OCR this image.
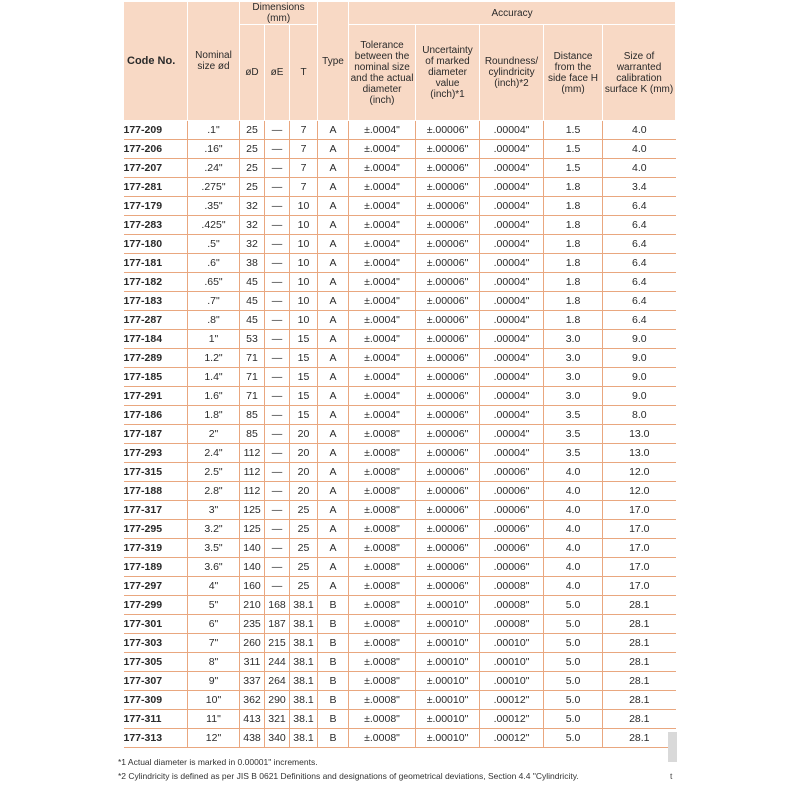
Code No.	Nominal size ød	Dimensions (mm)			Type	Accuracy				
		øD	øE	T		Tolerance between the nominal size and the actual diameter (inch)	Uncertainty of marked diameter value (inch)*1	Roundness/ cylindricity (inch)*2	Distance from the side face H (mm)	Size of warranted calibration surface K (mm)
177-209	.1"	25	—	7	A	±.0004"	±.00006"	.00004"	1.5	4.0
177-206	.16"	25	—	7	A	±.0004"	±.00006"	.00004"	1.5	4.0
177-207	.24"	25	—	7	A	±.0004"	±.00006"	.00004"	1.5	4.0
177-281	.275"	25	—	7	A	±.0004"	±.00006"	.00004"	1.8	3.4
177-179	.35"	32	—	10	A	±.0004"	±.00006"	.00004"	1.8	6.4
177-283	.425"	32	—	10	A	±.0004"	±.00006"	.00004"	1.8	6.4
177-180	.5"	32	—	10	A	±.0004"	±.00006"	.00004"	1.8	6.4
177-181	.6"	38	—	10	A	±.0004"	±.00006"	.00004"	1.8	6.4
177-182	.65"	45	—	10	A	±.0004"	±.00006"	.00004"	1.8	6.4
177-183	.7"	45	—	10	A	±.0004"	±.00006"	.00004"	1.8	6.4
177-287	.8"	45	—	10	A	±.0004"	±.00006"	.00004"	1.8	6.4
177-184	1"	53	—	15	A	±.0004"	±.00006"	.00004"	3.0	9.0
177-289	1.2"	71	—	15	A	±.0004"	±.00006"	.00004"	3.0	9.0
177-185	1.4"	71	—	15	A	±.0004"	±.00006"	.00004"	3.0	9.0
177-291	1.6"	71	—	15	A	±.0004"	±.00006"	.00004"	3.0	9.0
177-186	1.8"	85	—	15	A	±.0004"	±.00006"	.00004"	3.5	8.0
177-187	2"	85	—	20	A	±.0008"	±.00006"	.00004"	3.5	13.0
177-293	2.4"	112	—	20	A	±.0008"	±.00006"	.00004"	3.5	13.0
177-315	2.5"	112	—	20	A	±.0008"	±.00006"	.00006"	4.0	12.0
177-188	2.8"	112	—	20	A	±.0008"	±.00006"	.00006"	4.0	12.0
177-317	3"	125	—	25	A	±.0008"	±.00006"	.00006"	4.0	17.0
177-295	3.2"	125	—	25	A	±.0008"	±.00006"	.00006"	4.0	17.0
177-319	3.5"	140	—	25	A	±.0008"	±.00006"	.00006"	4.0	17.0
177-189	3.6"	140	—	25	A	±.0008"	±.00006"	.00006"	4.0	17.0
177-297	4"	160	—	25	A	±.0008"	±.00006"	.00008"	4.0	17.0
177-299	5"	210	168	38.1	B	±.0008"	±.00010"	.00008"	5.0	28.1
177-301	6"	235	187	38.1	B	±.0008"	±.00010"	.00008"	5.0	28.1
177-303	7"	260	215	38.1	B	±.0008"	±.00010"	.00010"	5.0	28.1
177-305	8"	311	244	38.1	B	±.0008"	±.00010"	.00010"	5.0	28.1
177-307	9"	337	264	38.1	B	±.0008"	±.00010"	.00010"	5.0	28.1
177-309	10"	362	290	38.1	B	±.0008"	±.00010"	.00012"	5.0	28.1
177-311	11"	413	321	38.1	B	±.0008"	±.00010"	.00012"	5.0	28.1
177-313	12"	438	340	38.1	B	±.0008"	±.00010"	.00012"	5.0	28.1
*1 Actual diameter is marked in 0.00001" increments.
*2 Cylindricity is defined as per JIS B 0621 Definitions and designations of geometrical deviations, Section 4.4 "Cylindricity.	t
